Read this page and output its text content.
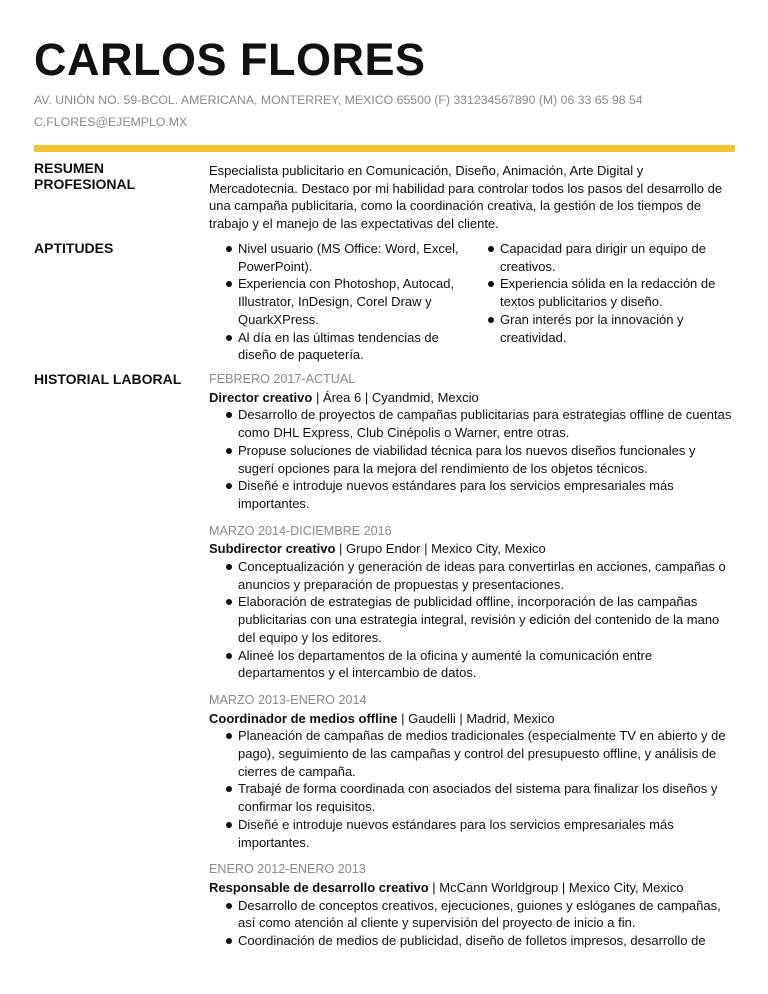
CARLOS FLORES
AV. UNIÓN NO. 59-BCOL. AMERICANA, MONTERREY, MEXICO 65500 (F) 331234567890 (M) 06 33 65 98 54
C.FLORES@EJEMPLO.MX
RESUMEN
PROFESIONAL

Especialista publicitario en Comunicación, Diseño, Animación, Arte Digital y Mercadotecnia. Destaco por mi habilidad para controlar todos los pasos del desarrollo de una campaña publicitaria, como la coordinación creativa, la gestión de los tiempos de trabajo y el manejo de las expectativas del cliente.

APTITUDES	Nivel usuario (MS Office: Word, Excel, PowerPoint).
Experiencia con Photoshop, Autocad, Illustrator, InDesign, Corel Draw y QuarkXPress.
Al día en las últimas tendencias de diseño de paquetería.
Capacidad para dirigir un equipo de creativos.
Experiencia sólida en la redacción de textos publicitarios y diseño.
Gran interés por la innovación y creatividad.
HISTORIAL LABORAL FEBRERO 2017-ACTUAL
Director creativo | Área 6 | Cyandmid, Mexcio
Desarrollo de proyectos de campañas publicitarias para estrategias offline de cuentas como DHL Express, Club Cinépolis o Warner, entre otras.
Propuse soluciones de viabilidad técnica para los nuevos diseños funcionales y sugerí opciones para la mejora del rendimiento de los objetos técnicos.
Diseñé e introduje nuevos estándares para los servicios empresariales más importantes.
MARZO 2014-DICIEMBRE 2016
Subdirector creativo | Grupo Endor | Mexico City, Mexico
Conceptualización y generación de ideas para convertirlas en acciones, campañas o anuncios y preparación de propuestas y presentaciones.
Elaboración de estrategias de publicidad offline, incorporación de las campañas publicitarias con una estrategia integral, revisión y edición del contenido de la mano del equipo y los editores.
Alineé los departamentos de la oficina y aumenté la comunicación entre departamentos y el intercambio de datos.
MARZO 2013-ENERO 2014
Coordinador de medios offline | Gaudelli | Madrid, Mexico
Planeación de campañas de medios tradicionales (especialmente TV en abierto y de pago), seguimiento de las campañas y control del presupuesto offline, y análisis de cierres de campaña.
Trabajé de forma coordinada con asociados del sistema para finalizar los diseños y confirmar los requisitos.
Diseñé e introduje nuevos estándares para los servicios empresariales más importantes.
ENERO 2012-ENERO 2013
Responsable de desarrollo creativo | McCann Worldgroup | Mexico City, Mexico
Desarrollo de conceptos creativos, ejecuciones, guiones y eslóganes de campañas, así como atención al cliente y supervisión del proyecto de inicio a fin.
Coordinación de medios de publicidad, diseño de folletos impresos, desarrollo de
